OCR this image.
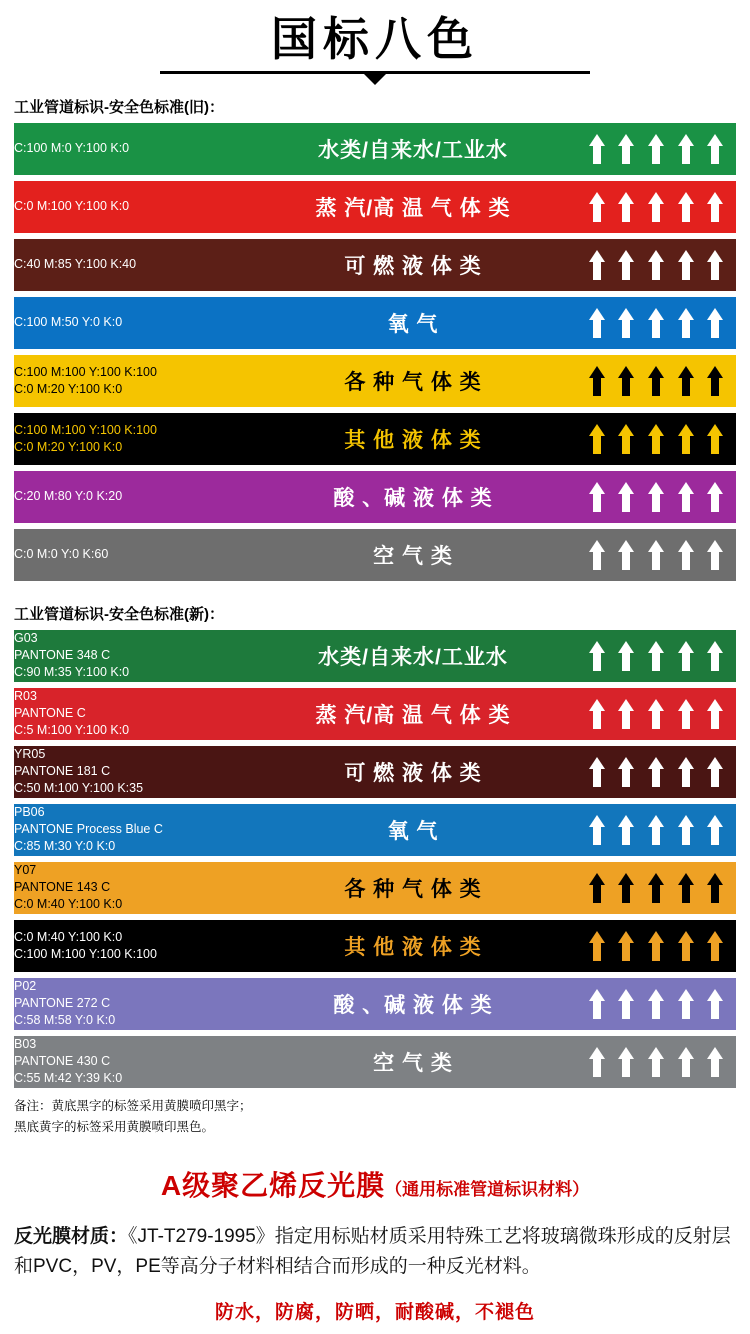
国标八色
工业管道标识-安全色标准(旧)：
C:100 M:0 Y:100 K:0	水类/自来水/工业水	

C:0 M:100 Y:100 K:0	蒸 汽/高 温 气 体 类	

C:40 M:85 Y:100 K:40	可 燃 液 体 类	

C:100 M:50 Y:0 K:0	氧 气	

C:100 M:100 Y:100 K:100
C:0 M:20 Y:100 K:0	各 种 气 体 类	

C:100 M:100 Y:100 K:100
C:0 M:20 Y:100 K:0	其 他 液 体 类	

C:20 M:80 Y:0 K:20	酸 、碱 液 体 类	

C:0 M:0 Y:0 K:60	空 气 类	
工业管道标识-安全色标准(新)：
G03
PANTONE 348 C
C:90 M:35 Y:100 K:0	水类/自来水/工业水	

R03
PANTONE C
C:5 M:100 Y:100 K:0	蒸 汽/高 温 气 体 类	

YR05
PANTONE 181 C
C:50 M:100 Y:100 K:35	可 燃 液 体 类	

PB06
PANTONE Process Blue C
C:85 M:30 Y:0 K:0	氧 气	

Y07
PANTONE 143 C
C:0 M:40 Y:100 K:0	各 种 气 体 类	

C:0 M:40 Y:100 K:0
C:100 M:100 Y:100 K:100	其 他 液 体 类	

P02
PANTONE 272 C
C:58 M:58 Y:0 K:0	酸 、碱 液 体 类	

B03
PANTONE 430 C
C:55 M:42 Y:39 K:0	空 气 类	
备注：黄底黑字的标签采用黄膜喷印黑字；
黑底黄字的标签采用黄膜喷印黑色。
A级聚乙烯反光膜（通用标准管道标识材料）
反光膜材质：《JT-T279-1995》指定用标贴材质采用特殊工艺将玻璃微珠形成的反射层和PVC，PV，PE等高分子材料相结合而形成的一种反光材料。
防水，防腐，防晒，耐酸碱，不褪色
